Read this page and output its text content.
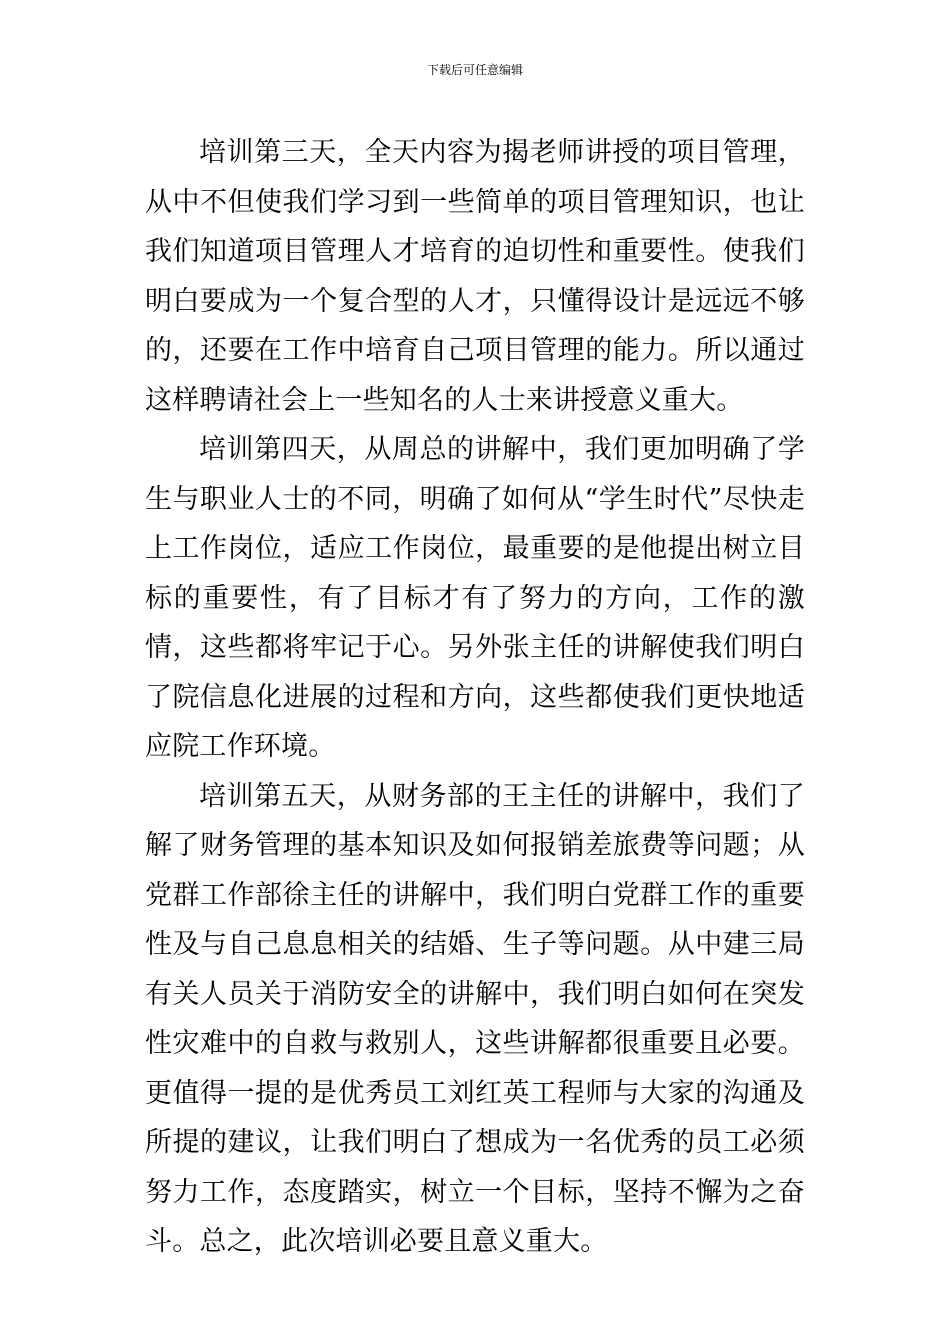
下载后可任意编辑

培训第三天，全天内容为揭老师讲授的项目管理，从中不但使我们学习到一些简单的项目管理知识，也让我们知道项目管理人才培育的迫切性和重要性。使我们明白要成为一个复合型的人才，只懂得设计是远远不够的，还要在工作中培育自己项目管理的能力。所以通过这样聘请社会上一些知名的人士来讲授意义重大。

培训第四天，从周总的讲解中，我们更加明确了学生与职业人士的不同，明确了如何从“学生时代”尽快走上工作岗位，适应工作岗位，最重要的是他提出树立目标的重要性，有了目标才有了努力的方向，工作的激情，这些都将牢记于心。另外张主任的讲解使我们明白了院信息化进展的过程和方向，这些都使我们更快地适应院工作环境。

培训第五天，从财务部的王主任的讲解中，我们了解了财务管理的基本知识及如何报销差旅费等问题；从党群工作部徐主任的讲解中，我们明白党群工作的重要性及与自己息息相关的结婚、生子等问题。从中建三局有关人员关于消防安全的讲解中，我们明白如何在突发性灾难中的自救与救别人，这些讲解都很重要且必要。更值得一提的是优秀员工刘红英工程师与大家的沟通及所提的建议，让我们明白了想成为一名优秀的员工必须努力工作，态度踏实，树立一个目标，坚持不懈为之奋斗。总之，此次培训必要且意义重大。
